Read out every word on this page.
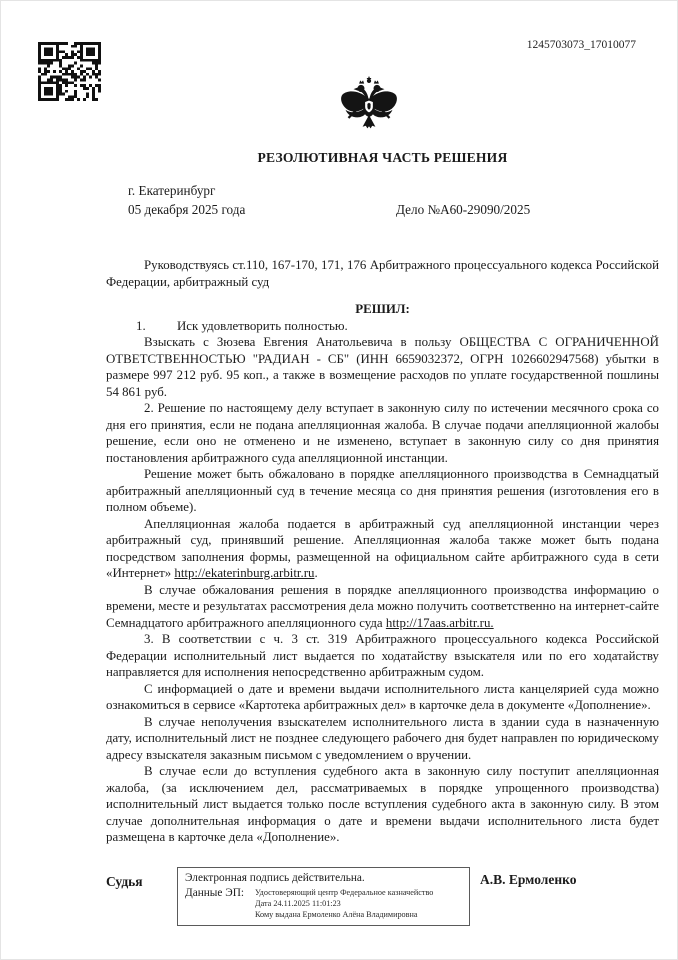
1245703073_17010077
РЕЗОЛЮТИВНАЯ ЧАСТЬ РЕШЕНИЯ
г. Екатеринбург
05 декабря 2025 года	Дело №А60-29090/2025

Руководствуясь ст.110, 167-170, 171, 176 Арбитражного процессуального кодекса Российской Федерации, арбитражный суд

РЕШИЛ:

1. Иск удовлетворить полностью.

Взыскать с Зюзева Евгения Анатольевича в пользу ОБЩЕСТВА С ОГРАНИЧЕННОЙ ОТВЕТСТВЕННОСТЬЮ "РАДИАН - СБ" (ИНН 6659032372, ОГРН 1026602947568) убытки в размере 997 212 руб. 95 коп., а также в возмещение расходов по уплате государственной пошлины 54 861 руб.

2. Решение по настоящему делу вступает в законную силу по истечении месячного срока со дня его принятия, если не подана апелляционная жалоба. В случае подачи апелляционной жалобы решение, если оно не отменено и не изменено, вступает в законную силу со дня принятия постановления арбитражного суда апелляционной инстанции.

Решение может быть обжаловано в порядке апелляционного производства в Семнадцатый арбитражный апелляционный суд в течение месяца со дня принятия решения (изготовления его в полном объеме).

Апелляционная жалоба подается в арбитражный суд апелляционной инстанции через арбитражный суд, принявший решение. Апелляционная жалоба также может быть подана посредством заполнения формы, размещенной на официальном сайте арбитражного суда в сети «Интернет» http://ekaterinburg.arbitr.ru.

В случае обжалования решения в порядке апелляционного производства информацию о времени, месте и результатах рассмотрения дела можно получить соответственно на интернет-сайте Семнадцатого арбитражного апелляционного суда http://17aas.arbitr.ru.

3. В соответствии с ч. 3 ст. 319 Арбитражного процессуального кодекса Российской Федерации исполнительный лист выдается по ходатайству взыскателя или по его ходатайству направляется для исполнения непосредственно арбитражным судом.

С информацией о дате и времени выдачи исполнительного листа канцелярией суда можно ознакомиться в сервисе «Картотека арбитражных дел» в карточке дела в документе «Дополнение».

В случае неполучения взыскателем исполнительного листа в здании суда в назначенную дату, исполнительный лист не позднее следующего рабочего дня будет направлен по юридическому адресу взыскателя заказным письмом с уведомлением о вручении.

В случае если до вступления судебного акта в законную силу поступит апелляционная жалоба, (за исключением дел, рассматриваемых в порядке упрощенного производства) исполнительный лист выдается только после вступления судебного акта в законную силу. В этом случае дополнительная информация о дате и времени выдачи исполнительного листа будет размещена в карточке дела «Дополнение».

Судья	Электронная подпись действительна.
Данные ЭП:	Удостоверяющий центр Федеральное казначейство
Дата 24.11.2025 11:01:23
Кому выдана Ермоленко Алёна Владимировна
А.В. Ермоленко
